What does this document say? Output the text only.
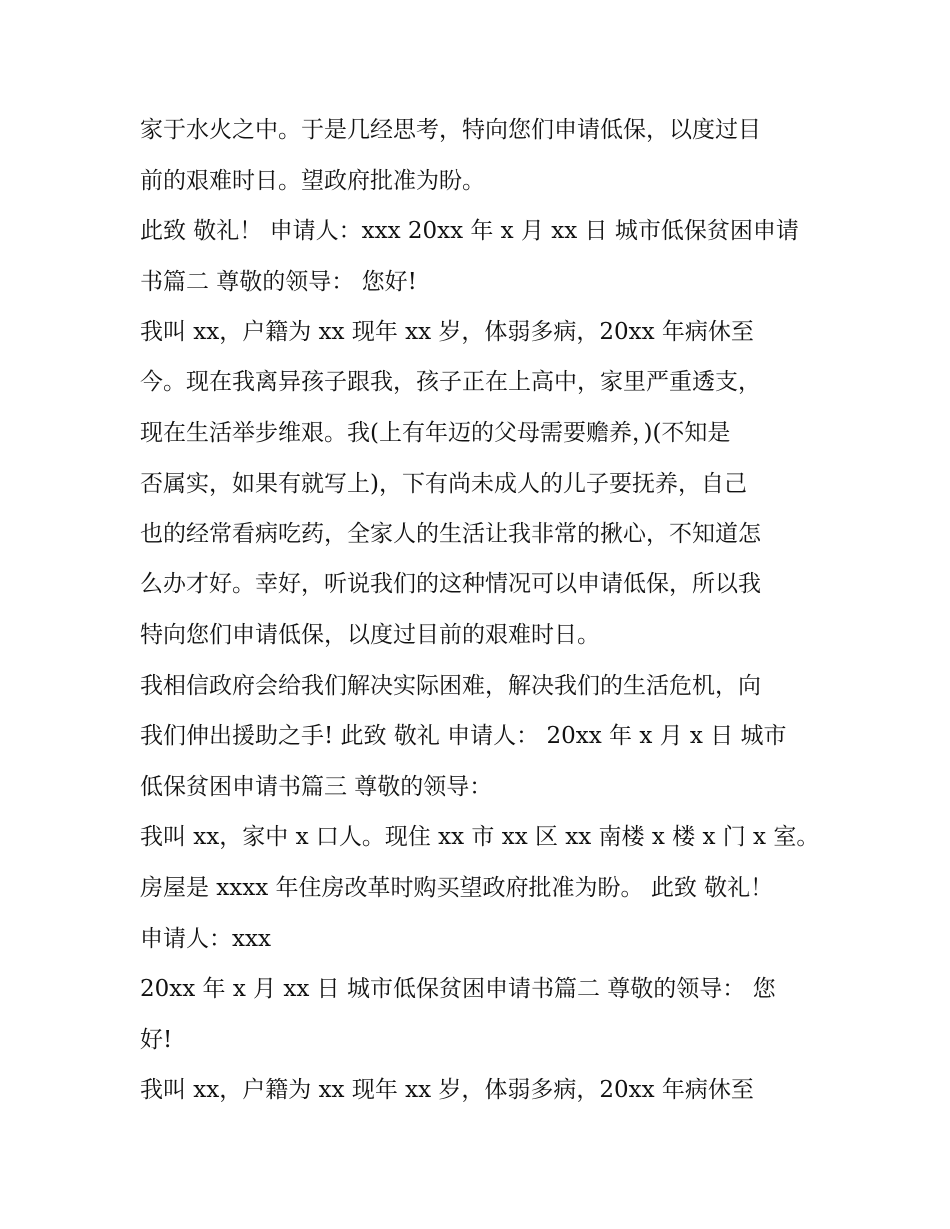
家于水火之中。于是几经思考，特向您们申请低保，以度过目
前的艰难时日。望政府批准为盼。
此致 敬礼！ 申请人：xxx 20xx 年 x 月 xx 日 城市低保贫困申请
书篇二 尊敬的领导： 您好!
我叫 xx，户籍为 xx 现年 xx 岁，体弱多病，20xx 年病休至
今。现在我离异孩子跟我，孩子正在上高中，家里严重透支，
现在生活举步维艰。我(上有年迈的父母需要赡养，)(不知是
否属实，如果有就写上)，下有尚未成人的儿子要抚养，自己
也的经常看病吃药，全家人的生活让我非常的揪心，不知道怎
么办才好。幸好，听说我们的这种情况可以申请低保，所以我
特向您们申请低保，以度过目前的艰难时日。
我相信政府会给我们解决实际困难，解决我们的生活危机，向
我们伸出援助之手! 此致 敬礼 申请人： 20xx 年 x 月 x 日 城市
低保贫困申请书篇三 尊敬的领导：
我叫 xx，家中 x 口人。现住 xx 市 xx 区 xx 南楼 x 楼 x 门 x 室。
房屋是 xxxx 年住房改革时购买望政府批准为盼。 此致 敬礼！
申请人：xxx
20xx 年 x 月 xx 日 城市低保贫困申请书篇二 尊敬的领导： 您
好!
我叫 xx，户籍为 xx 现年 xx 岁，体弱多病，20xx 年病休至
